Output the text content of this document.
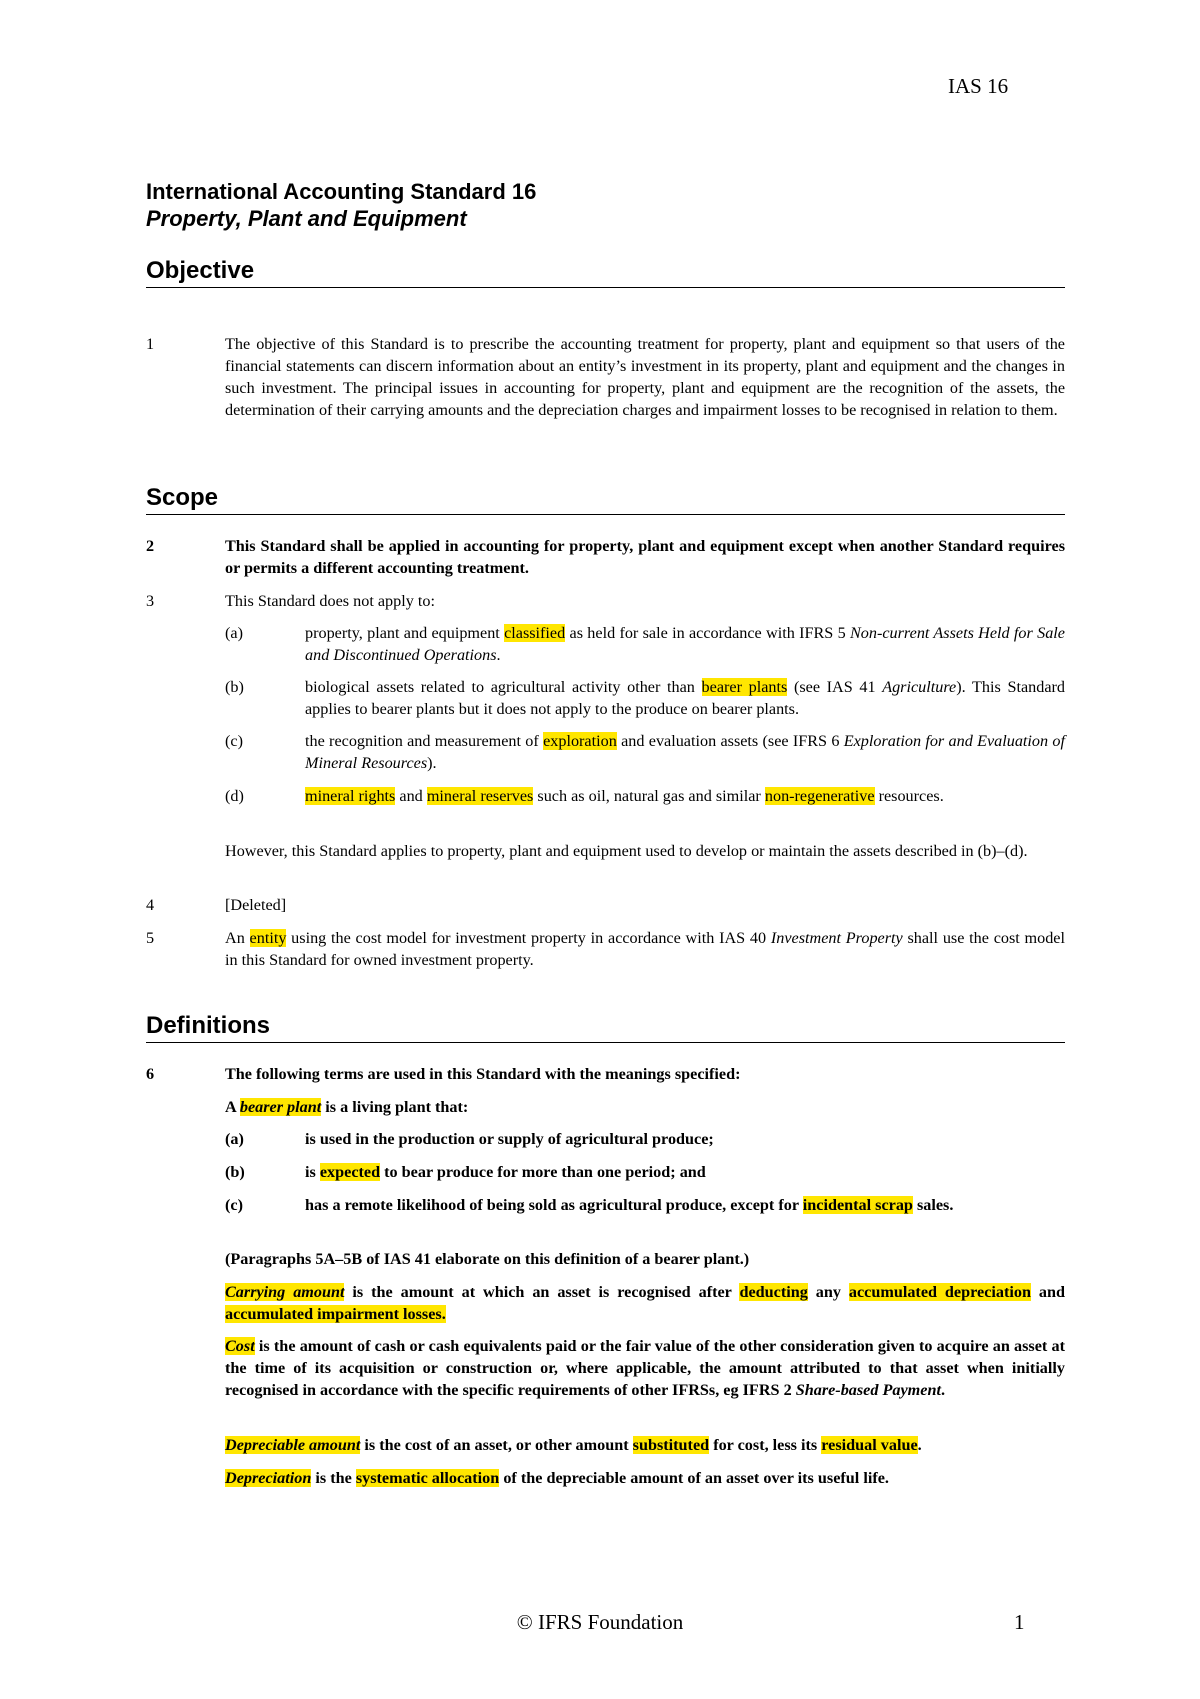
IAS 16
International Accounting Standard 16
Property, Plant and Equipment
Objective
1	The objective of this Standard is to prescribe the accounting treatment for property, plant and equipment so that users of the financial statements can discern information about an entity’s investment in its property, plant and equipment and the changes in such investment. The principal issues in accounting for property, plant and equipment are the recognition of the assets, the determination of their carrying amounts and the depreciation charges and impairment losses to be recognised in relation to them.
Scope
2	This Standard shall be applied in accounting for property, plant and equipment except when another Standard requires or permits a different accounting treatment.
3	This Standard does not apply to:
(a)	property, plant and equipment classified as held for sale in accordance with IFRS 5 Non‑current Assets Held for Sale and Discontinued Operations.
(b)	biological assets related to agricultural activity other than bearer plants (see IAS 41 Agriculture). This Standard applies to bearer plants but it does not apply to the produce on bearer plants.
(c)	the recognition and measurement of exploration and evaluation assets (see IFRS 6 Exploration for and Evaluation of Mineral Resources).
(d)	mineral rights and mineral reserves such as oil, natural gas and similar non‑regenerative resources.
However, this Standard applies to property, plant and equipment used to develop or maintain the assets described in (b)–(d).
4	[Deleted]
5	An entity using the cost model for investment property in accordance with IAS 40 Investment Property shall use the cost model in this Standard for owned investment property.
Definitions
6	The following terms are used in this Standard with the meanings specified:
A bearer plant is a living plant that:
(a)	is used in the production or supply of agricultural produce;
(b)	is expected to bear produce for more than one period; and
(c)	has a remote likelihood of being sold as agricultural produce, except for incidental scrap sales.
(Paragraphs 5A–5B of IAS 41 elaborate on this definition of a bearer plant.)
Carrying amount is the amount at which an asset is recognised after deducting any accumulated depreciation and accumulated impairment losses.
Cost is the amount of cash or cash equivalents paid or the fair value of the other consideration given to acquire an asset at the time of its acquisition or construction or, where applicable, the amount attributed to that asset when initially recognised in accordance with the specific requirements of other IFRSs, eg IFRS 2 Share‑based Payment.
Depreciable amount is the cost of an asset, or other amount substituted for cost, less its residual value.
Depreciation is the systematic allocation of the depreciable amount of an asset over its useful life.
© IFRS Foundation	1
